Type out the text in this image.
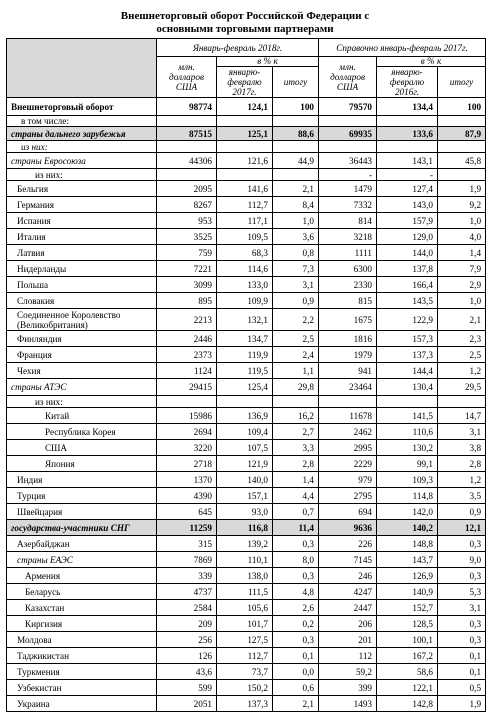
Внешнеторговый оборот Российской Федерации с
основными торговыми партнерами
	Январь-февраль 2018г.			Справочно январь-февраль 2017г.		
	млн. долларов США	в % к		млн. долларов США	в % к	
		январю-февралю 2017г.	итогу		январю-февралю 2016г.	итогу
Внешнеторговый оборот	98774	124,1	100	79570	134,4	100
в том числе:						
страны дальнего зарубежья	87515	125,1	88,6	69935	133,6	87,9
из них:						
страны Евросоюза	44306	121,6	44,9	36443	143,1	45,8
из них:				-	-	
Бельгия	2095	141,6	2,1	1479	127,4	1,9
Германия	8267	112,7	8,4	7332	143,0	9,2
Испания	953	117,1	1,0	814	157,9	1,0
Италия	3525	109,5	3,6	3218	129,0	4,0
Латвия	759	68,3	0,8	1111	144,0	1,4
Нидерланды	7221	114,6	7,3	6300	137,8	7,9
Польша	3099	133,0	3,1	2330	166,4	2,9
Словакия	895	109,9	0,9	815	143,5	1,0
Соединенное Королевство (Великобритания)	2213	132,1	2,2	1675	122,9	2,1
Финляндия	2446	134,7	2,5	1816	157,3	2,3
Франция	2373	119,9	2,4	1979	137,3	2,5
Чехия	1124	119,5	1,1	941	144,4	1,2
страны АТЭС	29415	125,4	29,8	23464	130,4	29,5
из них:						
Китай	15986	136,9	16,2	11678	141,5	14,7
Республика Корея	2694	109,4	2,7	2462	110,6	3,1
США	3220	107,5	3,3	2995	130,2	3,8
Япония	2718	121,9	2,8	2229	99,1	2,8
Индия	1370	140,0	1,4	979	109,3	1,2
Турция	4390	157,1	4,4	2795	114,8	3,5
Швейцария	645	93,0	0,7	694	142,0	0,9
государства-участники СНГ	11259	116,8	11,4	9636	140,2	12,1
Азербайджан	315	139,2	0,3	226	148,8	0,3
страны ЕАЭС	7869	110,1	8,0	7145	143,7	9,0
Армения	339	138,0	0,3	246	126,9	0,3
Беларусь	4737	111,5	4,8	4247	140,9	5,3
Казахстан	2584	105,6	2,6	2447	152,7	3,1
Киргизия	209	101,7	0,2	206	128,5	0,3
Молдова	256	127,5	0,3	201	100,1	0,3
Таджикистан	126	112,7	0,1	112	167,2	0,1
Туркмения	43,6	73,7	0,0	59,2	58,6	0,1
Узбекистан	599	150,2	0,6	399	122,1	0,5
Украина	2051	137,3	2,1	1493	142,8	1,9
